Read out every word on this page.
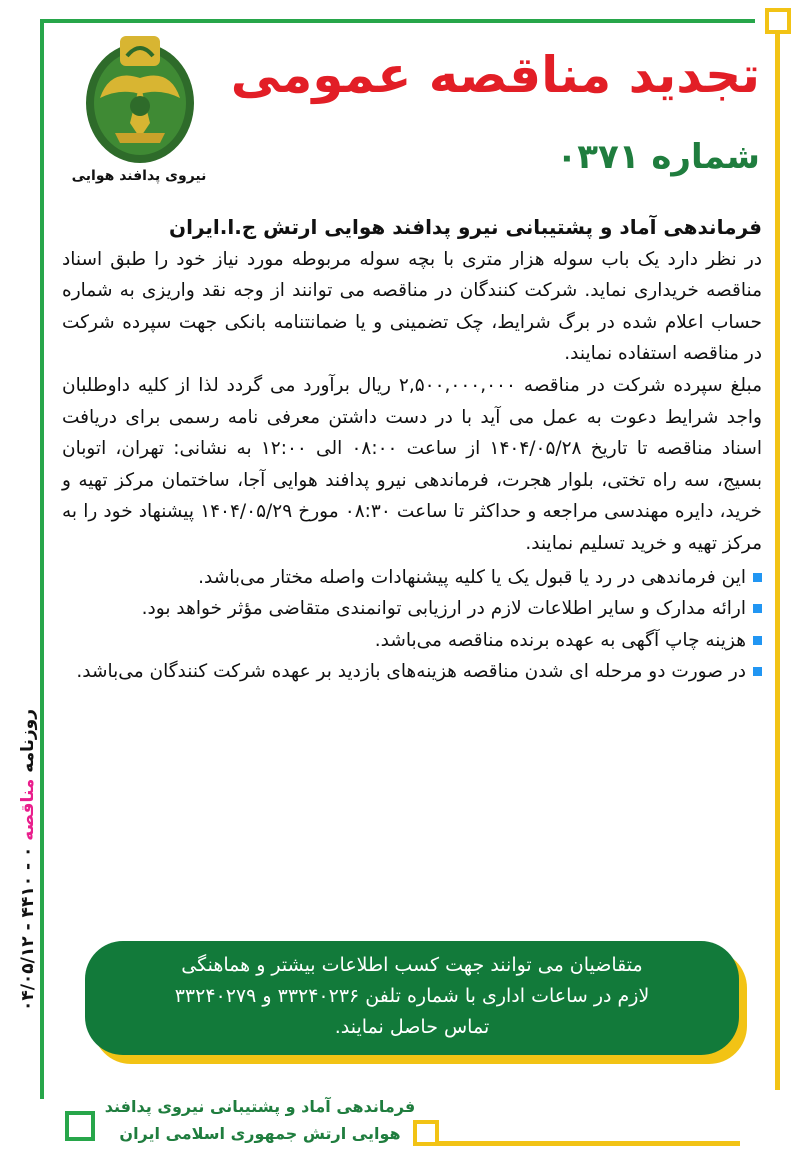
نیروی پدافند هوایی
تجدید مناقصه عمومی
شماره ۰۳۷۱

فرماندهی آماد و پشتیبانی نیرو پدافند هوایی ارتش ج.ا.ایران

در نظر دارد یک باب سوله هزار متری با بچه سوله مربوطه مورد نیاز خود را طبق اسناد مناقصه خریداری نماید. شرکت کنندگان در مناقصه می توانند از وجه نقد واریزی به شماره حساب اعلام شده در برگ شرایط، چک تضمینی و یا ضمانتنامه بانکی جهت سپرده شرکت در مناقصه استفاده نمایند.

مبلغ سپرده شرکت در مناقصه ۲,۵۰۰,۰۰۰,۰۰۰ ریال برآورد می گردد لذا از کلیه داوطلبان واجد شرایط دعوت به عمل می آید با در دست داشتن معرفی نامه رسمی برای دریافت اسناد مناقصه تا تاریخ ۱۴۰۴/۰۵/۲۸ از ساعت ۰۸:۰۰ الی ۱۲:۰۰ به نشانی: تهران، اتوبان بسیج، سه راه تختی، بلوار هجرت، فرماندهی نیرو پدافند هوایی آجا، ساختمان مرکز تهیه و خرید، دایره مهندسی مراجعه و حداکثر تا ساعت ۰۸:۳۰ مورخ ۱۴۰۴/۰۵/۲۹ پیشنهاد خود را به مرکز تهیه و خرید تسلیم نمایند.

این فرماندهی در رد یا قبول یک یا کلیه پیشنهادات واصله مختار می‌باشد.
ارائه مدارک و سایر اطلاعات لازم در ارزیابی توانمندی متقاضی مؤثر خواهد بود.
هزینه چاپ آگهی به عهده برنده مناقصه می‌باشد.
در صورت دو مرحله ای شدن مناقصه هزینه‌های بازدید بر عهده شرکت کنندگان می‌باشد.
متقاضیان می توانند جهت کسب اطلاعات بیشتر و هماهنگی
لازم در ساعات اداری با شماره تلفن ۳۳۲۴۰۲۳۶ و ۳۳۲۴۰۲۷۹
تماس حاصل نمایند.
فرماندهی آماد و پشتیبانی نیروی پدافند
هوایی ارتش جمهوری اسلامی ایران
روزنامه مناقصه ۰ - ۴۴۱۰ - ۰۴/۰۵/۱۲
